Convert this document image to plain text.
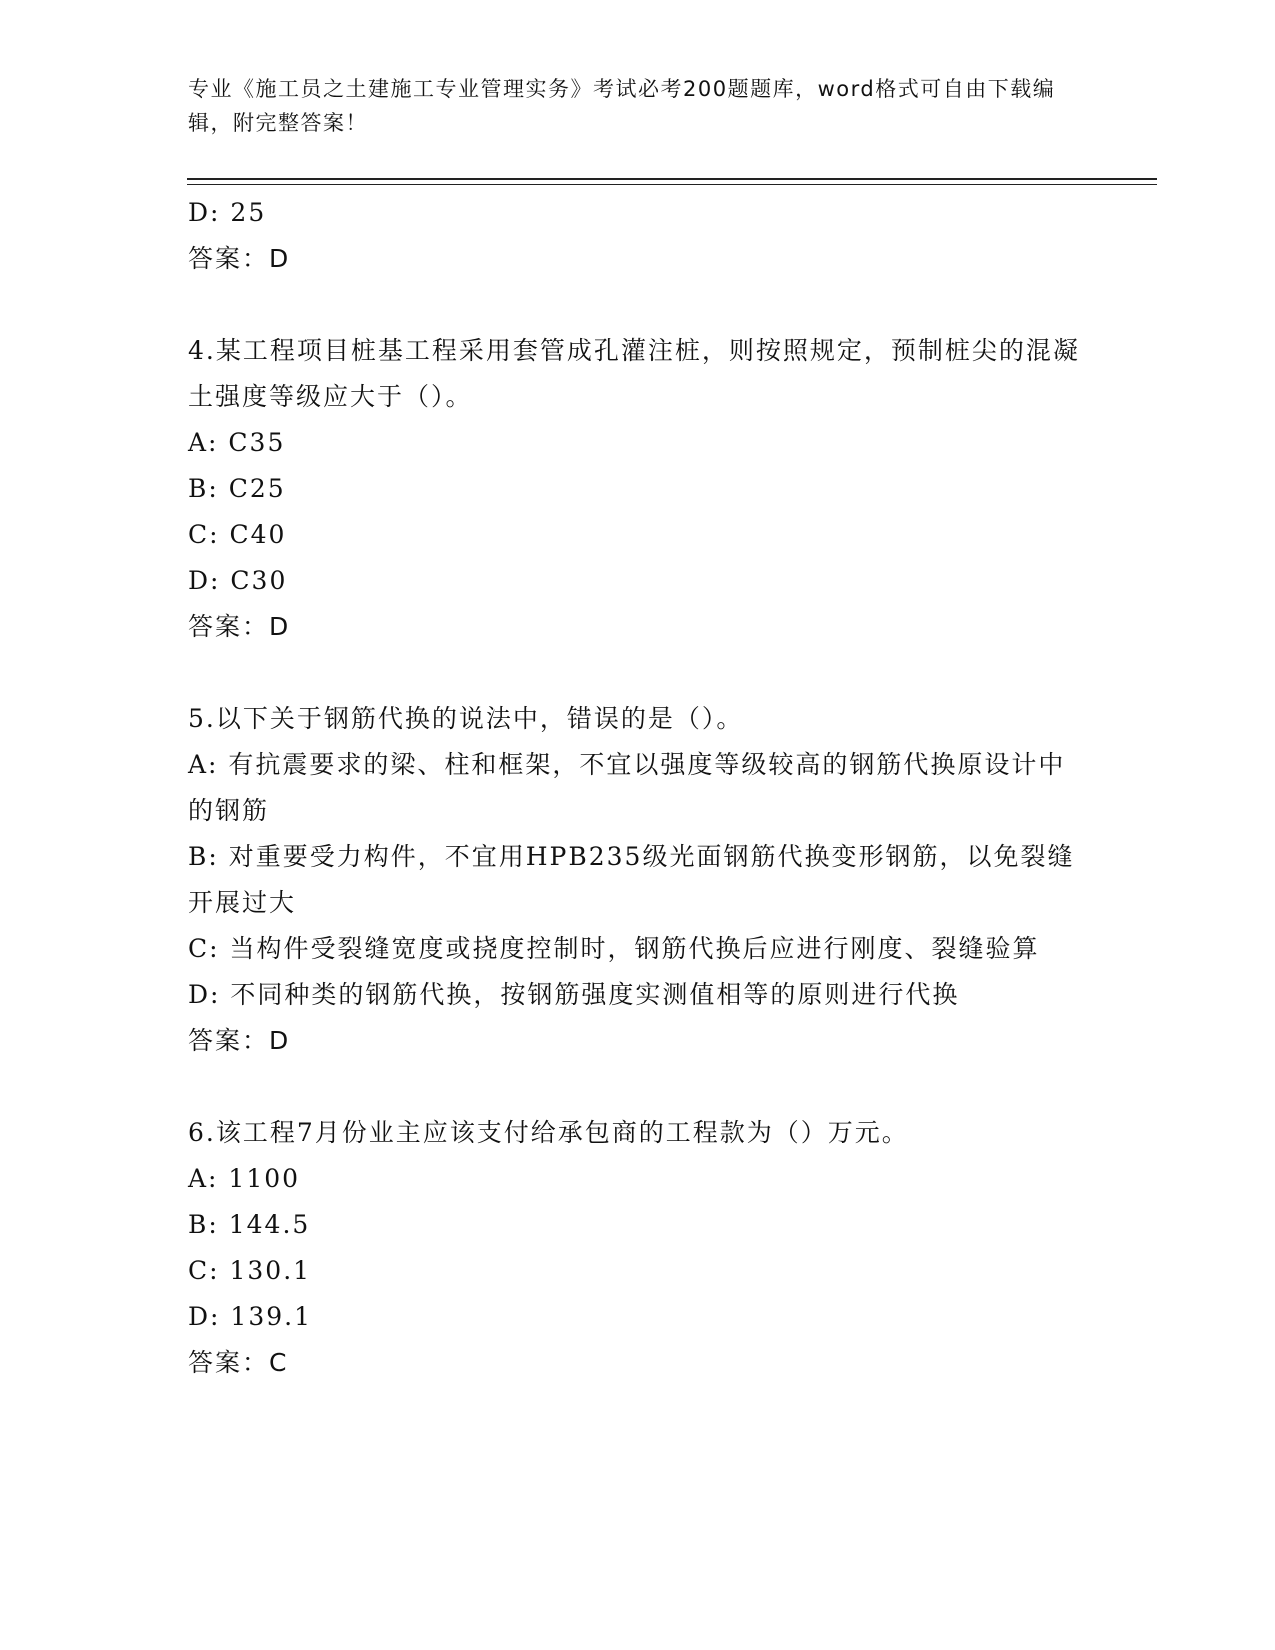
专业《施工员之土建施工专业管理实务》考试必考200题题库，word格式可自由下载编辑，附完整答案！
D: 25
答案：D
4.某工程项目桩基工程采用套管成孔灌注桩，则按照规定，预制桩尖的混凝土强度等级应大于（）。
A: C35
B: C25
C: C40
D: C30
答案：D
5.以下关于钢筋代换的说法中，错误的是（）。
A: 有抗震要求的梁、柱和框架，不宜以强度等级较高的钢筋代换原设计中的钢筋
B: 对重要受力构件，不宜用HPB235级光面钢筋代换变形钢筋，以免裂缝开展过大
C: 当构件受裂缝宽度或挠度控制时，钢筋代换后应进行刚度、裂缝验算
D: 不同种类的钢筋代换，按钢筋强度实测值相等的原则进行代换
答案：D
6.该工程7月份业主应该支付给承包商的工程款为（）万元。
A: 1100
B: 144.5
C: 130.1
D: 139.1
答案：C
